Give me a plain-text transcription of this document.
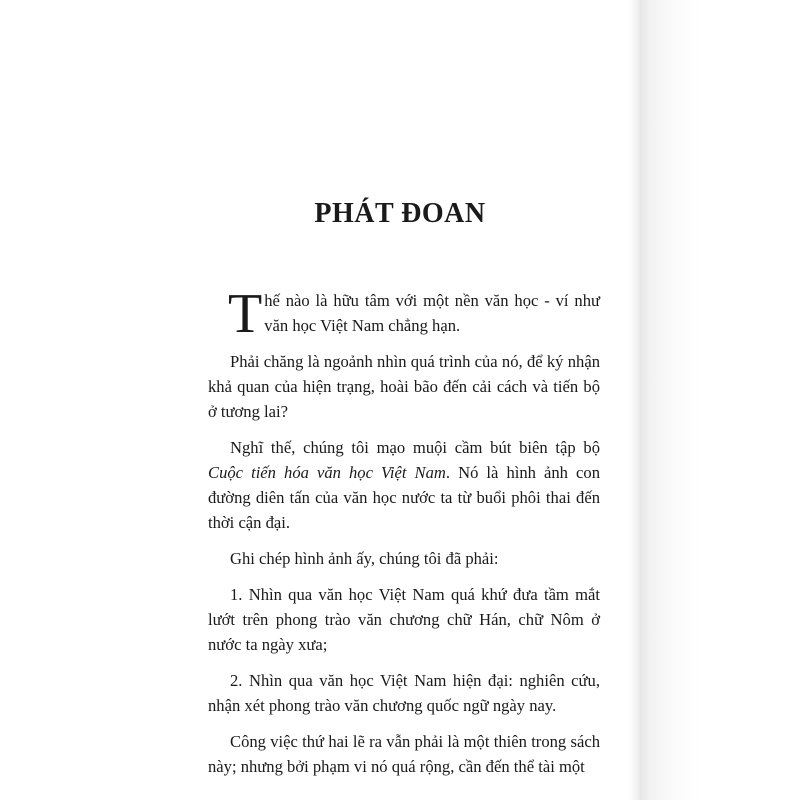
PHÁT ĐOAN

Thế nào là hữu tâm với một nền văn học - ví như văn học Việt Nam chẳng hạn.

Phải chăng là ngoảnh nhìn quá trình của nó, để ký nhận khả quan của hiện trạng, hoài bão đến cải cách và tiến bộ ở tương lai?

Nghĩ thế, chúng tôi mạo muội cầm bút biên tập bộ Cuộc tiến hóa văn học Việt Nam. Nó là hình ảnh con đường diên tấn của văn học nước ta từ buổi phôi thai đến thời cận đại.

Ghi chép hình ảnh ấy, chúng tôi đã phải:

1. Nhìn qua văn học Việt Nam quá khứ đưa tầm mắt lướt trên phong trào văn chương chữ Hán, chữ Nôm ở nước ta ngày xưa;

2. Nhìn qua văn học Việt Nam hiện đại: nghiên cứu, nhận xét phong trào văn chương quốc ngữ ngày nay.

Công việc thứ hai lẽ ra vẫn phải là một thiên trong sách này; nhưng bởi phạm vi nó quá rộng, cần đến thể tài một
